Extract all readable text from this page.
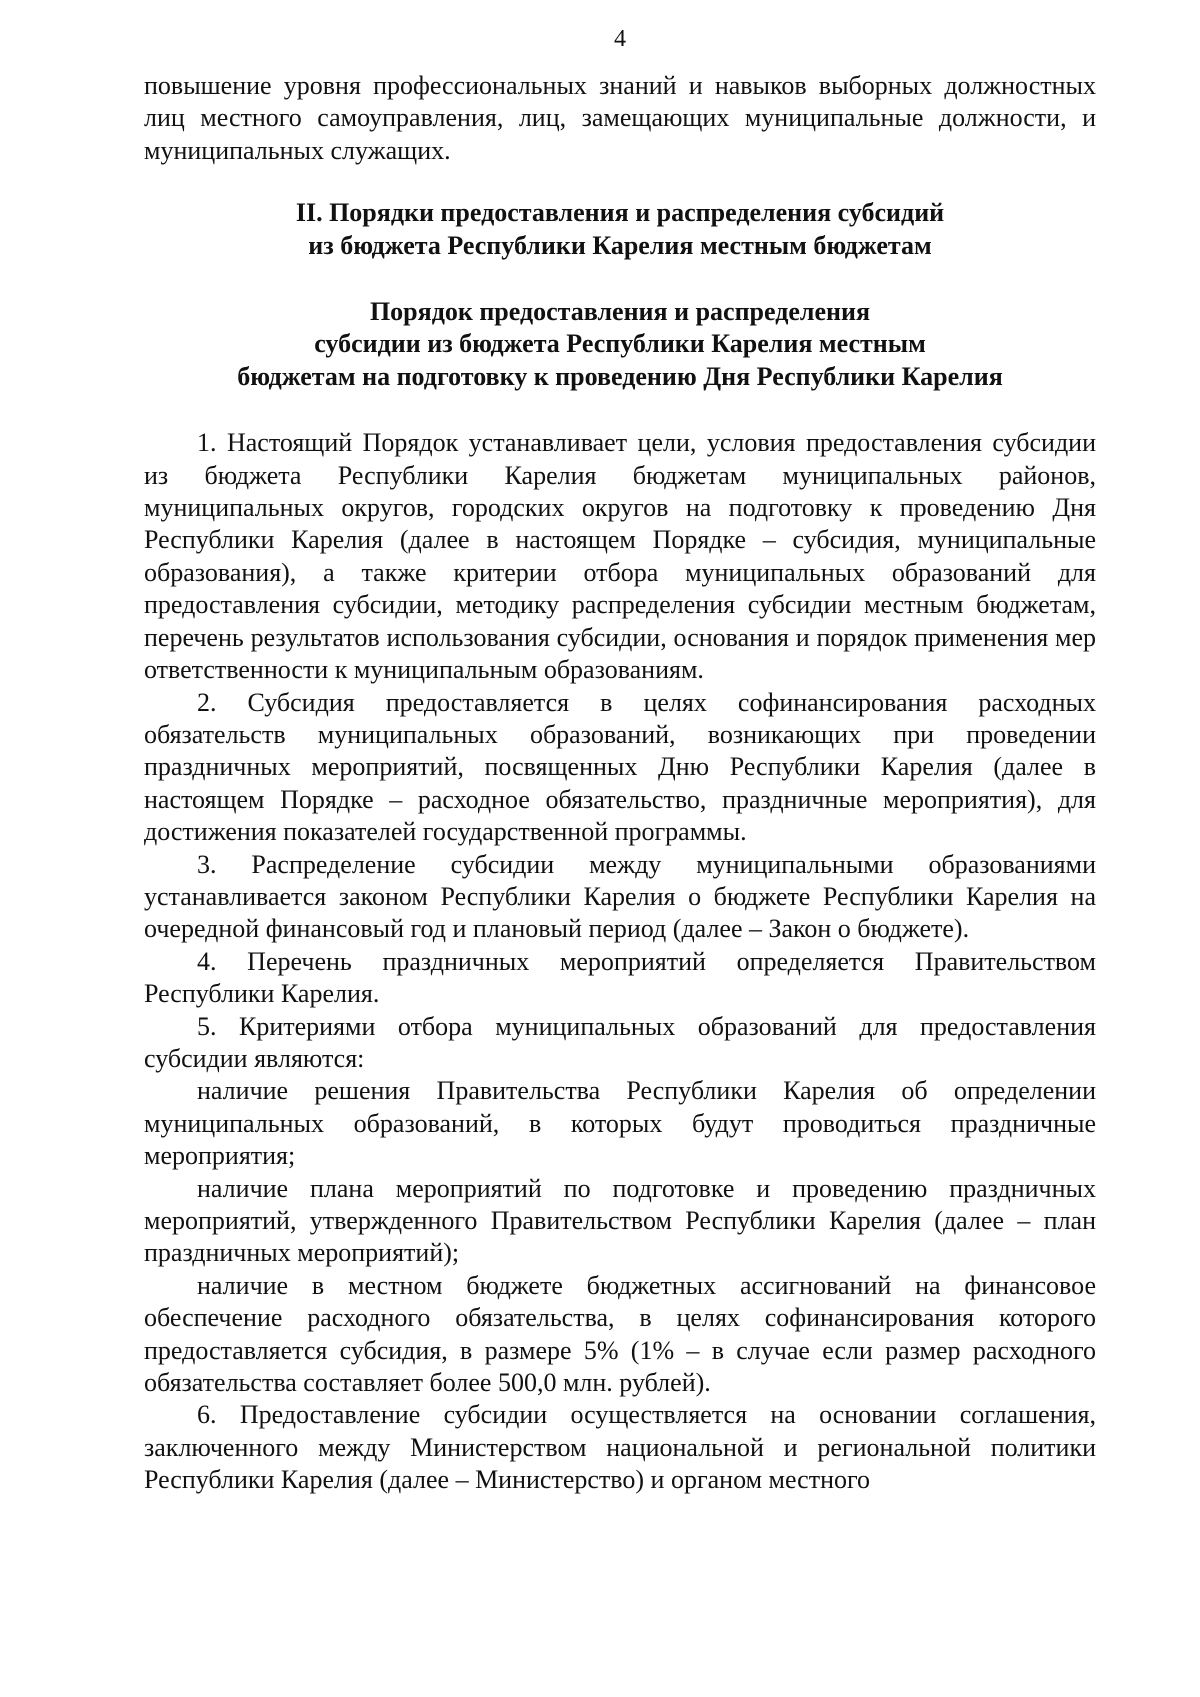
4

повышение уровня профессиональных знаний и навыков выборных должностных лиц местного самоуправления, лиц, замещающих муниципальные должности, и муниципальных служащих.

II. Порядки предоставления и распределения субсидий
из бюджета Республики Карелия местным бюджетам
Порядок предоставления и распределения
субсидии из бюджета Республики Карелия местным
бюджетам на подготовку к проведению Дня Республики Карелия

1. Настоящий Порядок устанавливает цели, условия предоставления субсидии из бюджета Республики Карелия бюджетам муниципальных районов, муниципальных округов, городских округов на подготовку к проведению Дня Республики Карелия (далее в настоящем Порядке – субсидия, муниципальные образования), а также критерии отбора муниципальных образований для предоставления субсидии, методику распределения субсидии местным бюджетам, перечень результатов использования субсидии, основания и порядок применения мер ответственности к муниципальным образованиям.

2. Субсидия предоставляется в целях софинансирования расходных обязательств муниципальных образований, возникающих при проведении праздничных мероприятий, посвященных Дню Республики Карелия (далее в настоящем Порядке – расходное обязательство, праздничные мероприятия), для достижения показателей государственной программы.

3. Распределение субсидии между муниципальными образованиями устанавливается законом Республики Карелия о бюджете Республики Карелия на очередной финансовый год и плановый период (далее – Закон о бюджете).

4. Перечень праздничных мероприятий определяется Правительством Республики Карелия.

5. Критериями отбора муниципальных образований для предоставления субсидии являются:

наличие решения Правительства Республики Карелия об определении муниципальных образований, в которых будут проводиться праздничные мероприятия;

наличие плана мероприятий по подготовке и проведению праздничных мероприятий, утвержденного Правительством Республики Карелия (далее – план праздничных мероприятий);

наличие в местном бюджете бюджетных ассигнований на финансовое обеспечение расходного обязательства, в целях софинансирования которого предоставляется субсидия, в размере 5% (1% – в случае если размер расходного обязательства составляет более 500,0 млн. рублей).

6. Предоставление субсидии осуществляется на основании соглашения, заключенного между Министерством национальной и региональной политики Республики Карелия (далее – Министерство) и органом местного
